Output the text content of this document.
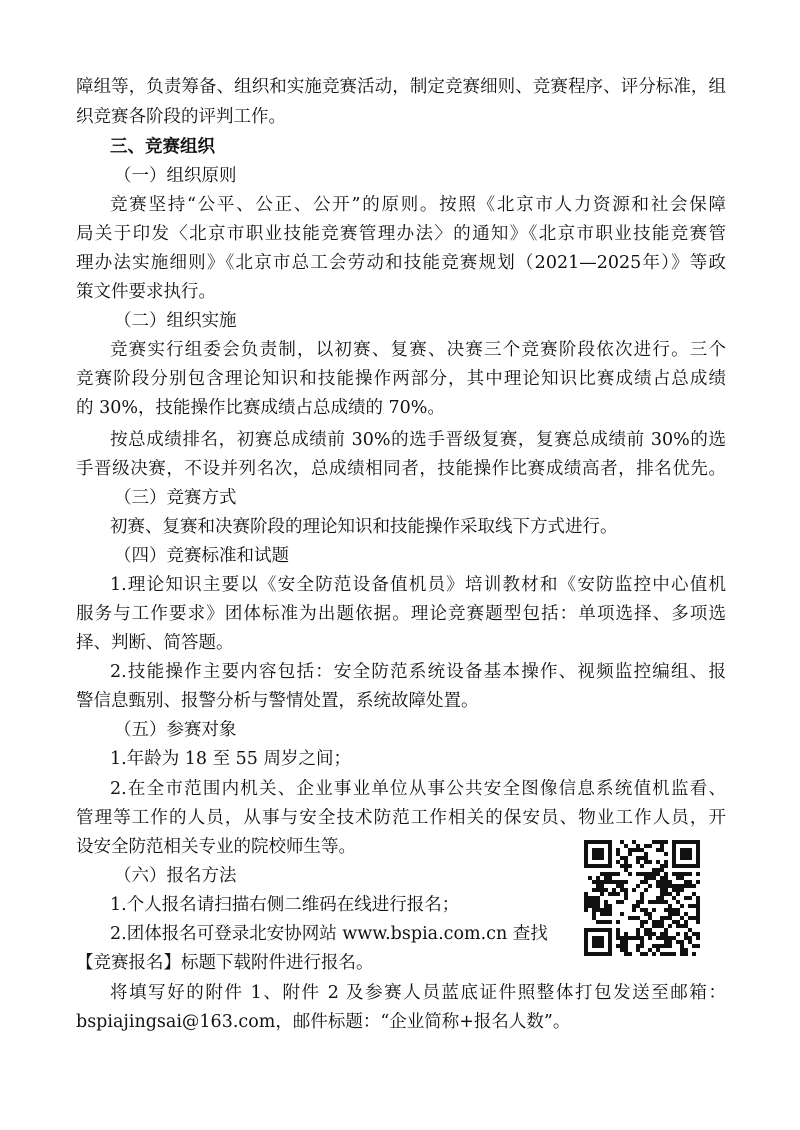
障组等，负责筹备、组织和实施竞赛活动，制定竞赛细则、竞赛程序、评分标准，组
织竞赛各阶段的评判工作。
三、竞赛组织
（一）组织原则
竞赛坚持“公平、公正、公开”的原则。按照《北京市人力资源和社会保障
局关于印发〈北京市职业技能竞赛管理办法〉的通知》《北京市职业技能竞赛管
理办法实施细则》《北京市总工会劳动和技能竞赛规划（2021—2025年）》等政
策文件要求执行。
（二）组织实施
竞赛实行组委会负责制，以初赛、复赛、决赛三个竞赛阶段依次进行。三个
竞赛阶段分别包含理论知识和技能操作两部分，其中理论知识比赛成绩占总成绩
的 30%，技能操作比赛成绩占总成绩的 70%。
按总成绩排名，初赛总成绩前 30%的选手晋级复赛，复赛总成绩前 30%的选
手晋级决赛，不设并列名次，总成绩相同者，技能操作比赛成绩高者，排名优先。
（三）竞赛方式
初赛、复赛和决赛阶段的理论知识和技能操作采取线下方式进行。
（四）竞赛标准和试题
1.理论知识主要以《安全防范设备值机员》培训教材和《安防监控中心值机
服务与工作要求》团体标准为出题依据。理论竞赛题型包括：单项选择、多项选
择、判断、简答题。
2.技能操作主要内容包括：安全防范系统设备基本操作、视频监控编组、报
警信息甄别、报警分析与警情处置，系统故障处置。
（五）参赛对象
1.年龄为 18 至 55 周岁之间；
2.在全市范围内机关、企业事业单位从事公共安全图像信息系统值机监看、
管理等工作的人员，从事与安全技术防范工作相关的保安员、物业工作人员，开
设安全防范相关专业的院校师生等。
（六）报名方法
1.个人报名请扫描右侧二维码在线进行报名；
2.团体报名可登录北安协网站 www.bspia.com.cn 查找
【竞赛报名】标题下载附件进行报名。
将填写好的附件 1、附件 2 及参赛人员蓝底证件照整体打包发送至邮箱：
bspiajingsai@163.com，邮件标题：“企业简称+报名人数”。
